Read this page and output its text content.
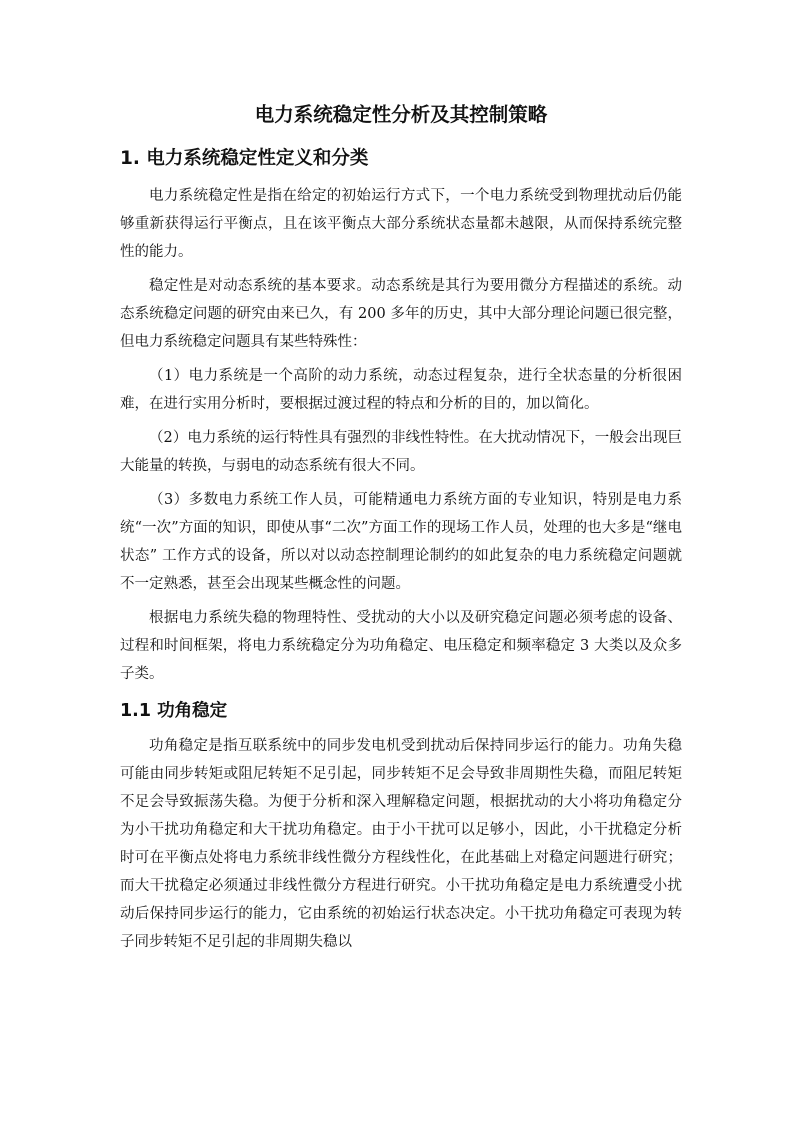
电力系统稳定性分析及其控制策略
1. 电力系统稳定性定义和分类

电力系统稳定性是指在给定的初始运行方式下，一个电力系统受到物理扰动后仍能够重新获得运行平衡点，且在该平衡点大部分系统状态量都未越限，从而保持系统完整性的能力。

稳定性是对动态系统的基本要求。动态系统是其行为要用微分方程描述的系统。动态系统稳定问题的研究由来已久，有 200 多年的历史，其中大部分理论问题已很完整，但电力系统稳定问题具有某些特殊性：

（1）电力系统是一个高阶的动力系统，动态过程复杂，进行全状态量的分析很困难，在进行实用分析时，要根据过渡过程的特点和分析的目的，加以简化。

（2）电力系统的运行特性具有强烈的非线性特性。在大扰动情况下，一般会出现巨大能量的转换，与弱电的动态系统有很大不同。

（3）多数电力系统工作人员，可能精通电力系统方面的专业知识，特别是电力系统“一次”方面的知识，即使从事“二次”方面工作的现场工作人员，处理的也大多是“继电状态” 工作方式的设备，所以对以动态控制理论制约的如此复杂的电力系统稳定问题就不一定熟悉，甚至会出现某些概念性的问题。

根据电力系统失稳的物理特性、受扰动的大小以及研究稳定问题必须考虑的设备、过程和时间框架，将电力系统稳定分为功角稳定、电压稳定和频率稳定 3 大类以及众多子类。

1.1 功角稳定

功角稳定是指互联系统中的同步发电机受到扰动后保持同步运行的能力。功角失稳可能由同步转矩或阻尼转矩不足引起，同步转矩不足会导致非周期性失稳，而阻尼转矩不足会导致振荡失稳。为便于分析和深入理解稳定问题，根据扰动的大小将功角稳定分为小干扰功角稳定和大干扰功角稳定。由于小干扰可以足够小，因此，小干扰稳定分析时可在平衡点处将电力系统非线性微分方程线性化，在此基础上对稳定问题进行研究；而大干扰稳定必须通过非线性微分方程进行研究。小干扰功角稳定是电力系统遭受小扰动后保持同步运行的能力，它由系统的初始运行状态决定。小干扰功角稳定可表现为转子同步转矩不足引起的非周期失稳以
